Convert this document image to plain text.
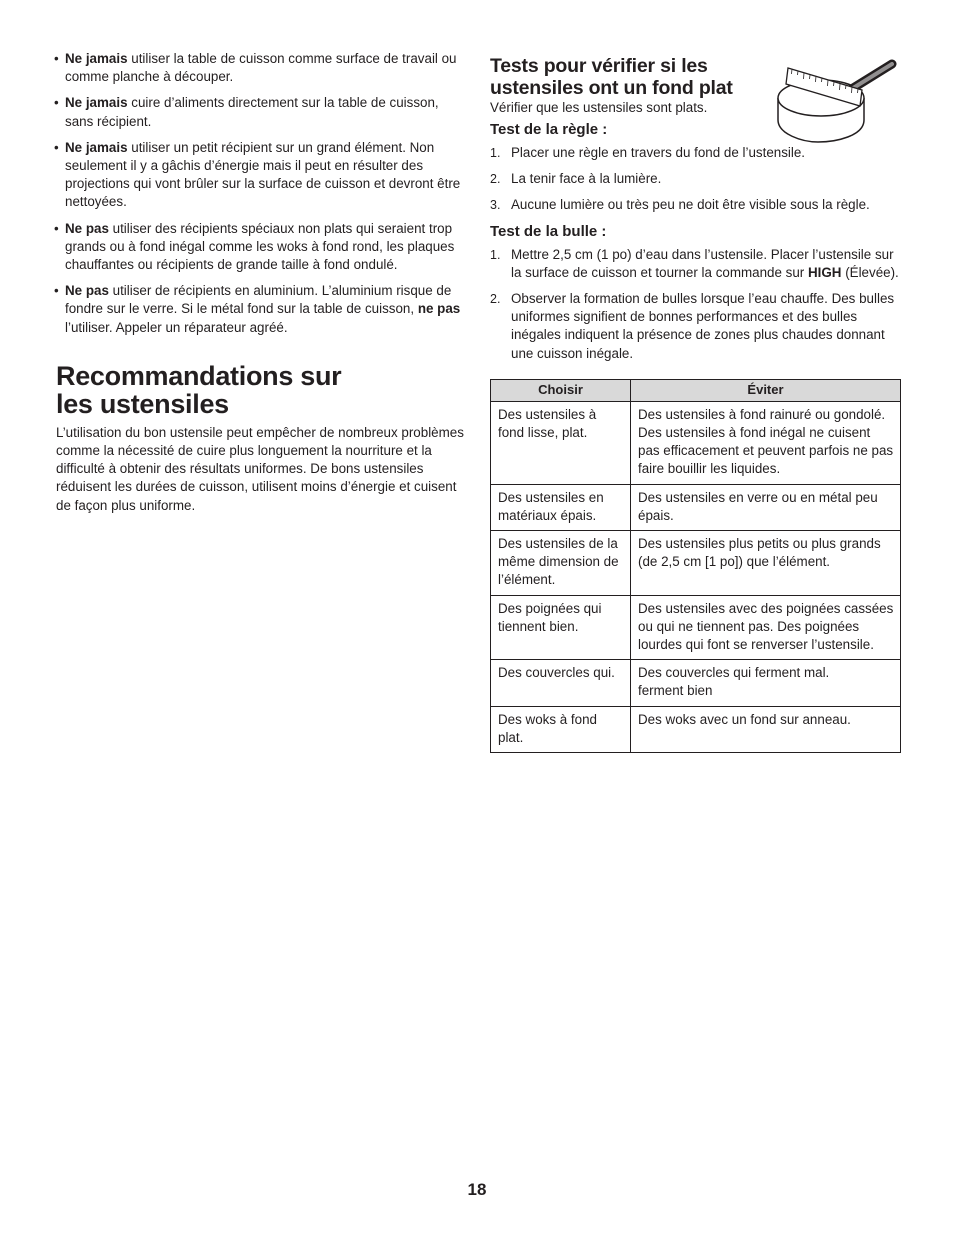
• Ne jamais utiliser la table de cuisson comme surface de travail ou comme planche à découper.
• Ne jamais cuire d’aliments directement sur la table de cuisson, sans récipient.
• Ne jamais utiliser un petit récipient sur un grand élément. Non seulement il y a gâchis d’énergie mais il peut en résulter des projections qui vont brûler sur la surface de cuisson et devront être nettoyées.
• Ne pas utiliser des récipients spéciaux non plats qui seraient trop grands ou à fond inégal comme les woks à fond rond, les plaques chauffantes ou récipients de grande taille à fond ondulé.
• Ne pas utiliser de récipients en aluminium. L’aluminium risque de fondre sur le verre. Si le métal fond sur la table de cuisson, ne pas l’utiliser. Appeler un réparateur agréé.
Recommandations sur
les ustensiles

L’utilisation du bon ustensile peut empêcher de nombreux problèmes comme la nécessité de cuire plus longuement la nourriture et la difficulté à obtenir des résultats uniformes. De bons ustensiles réduisent les durées de cuisson, utilisent moins d’énergie et cuisent de façon plus uniforme.

Tests pour vérifier si les
ustensiles ont un fond plat
Vérifier que les ustensiles sont plats.
Test de la règle :
1. Placer une règle en travers du fond de l’ustensile.
2. La tenir face à la lumière.
3. Aucune lumière ou très peu ne doit être visible sous la règle.
Test de la bulle :
1. Mettre 2,5 cm (1 po) d’eau dans l’ustensile. Placer l’ustensile sur la surface de cuisson et tourner la commande sur HIGH (Élevée).
2. Observer la formation de bulles lorsque l’eau chauffe. Des bulles uniformes signifient de bonnes performances et des bulles inégales indiquent la présence de zones plus chaudes donnant une cuisson inégale.
Choisir	Éviter
Des ustensiles à fond lisse, plat.	Des ustensiles à fond rainuré ou gondolé. Des ustensiles à fond inégal ne cuisent pas efficacement et peuvent parfois ne pas faire bouillir les liquides.
Des ustensiles en matériaux épais.	Des ustensiles en verre ou en métal peu épais.
Des ustensiles de la même dimension de l’élément.	Des ustensiles plus petits ou plus grands (de 2,5 cm [1 po]) que l’élément.
Des poignées qui tiennent bien.	Des ustensiles avec des poignées cassées ou qui ne tiennent pas. Des poignées lourdes qui font se renverser l’ustensile.
Des couvercles qui.	Des couvercles qui ferment mal.
ferment bien
Des woks à fond plat.	Des woks avec un fond sur anneau.
18
